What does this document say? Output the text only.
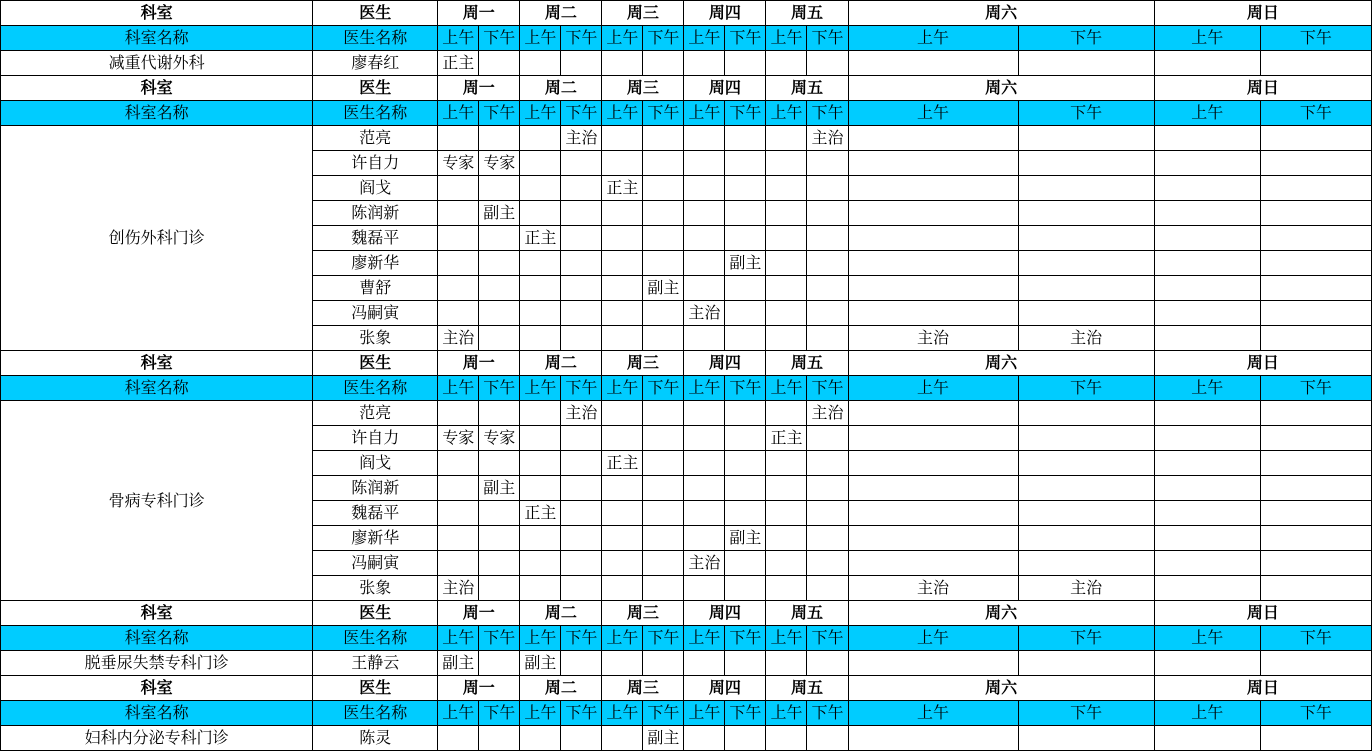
科室	医生	周一		周二		周三		周四		周五		周六		周日	
科室名称	医生名称	上午	下午	上午	下午	上午	下午	上午	下午	上午	下午	上午	下午	上午	下午
减重代谢外科	廖春红	正主													
科室	医生	周一		周二		周三		周四		周五		周六		周日	
科室名称	医生名称	上午	下午	上午	下午	上午	下午	上午	下午	上午	下午	上午	下午	上午	下午
创伤外科门诊	范亮				主治						主治				
	许自力	专家	专家												
	阎戈					正主									
	陈润新		副主												
	魏磊平			正主											
	廖新华								副主						
	曹舒						副主								
	冯嗣寅							主治							
	张象	主治										主治	主治		
科室	医生	周一		周二		周三		周四		周五		周六		周日	
科室名称	医生名称	上午	下午	上午	下午	上午	下午	上午	下午	上午	下午	上午	下午	上午	下午
骨病专科门诊	范亮				主治						主治				
	许自力	专家	专家							正主					
	阎戈					正主									
	陈润新		副主												
	魏磊平			正主											
	廖新华								副主						
	冯嗣寅							主治							
	张象	主治										主治	主治		
科室	医生	周一		周二		周三		周四		周五		周六		周日	
科室名称	医生名称	上午	下午	上午	下午	上午	下午	上午	下午	上午	下午	上午	下午	上午	下午
脱垂尿失禁专科门诊	王静云	副主		副主											
科室	医生	周一		周二		周三		周四		周五		周六		周日	
科室名称	医生名称	上午	下午	上午	下午	上午	下午	上午	下午	上午	下午	上午	下午	上午	下午
妇科内分泌专科门诊	陈灵						副主								
